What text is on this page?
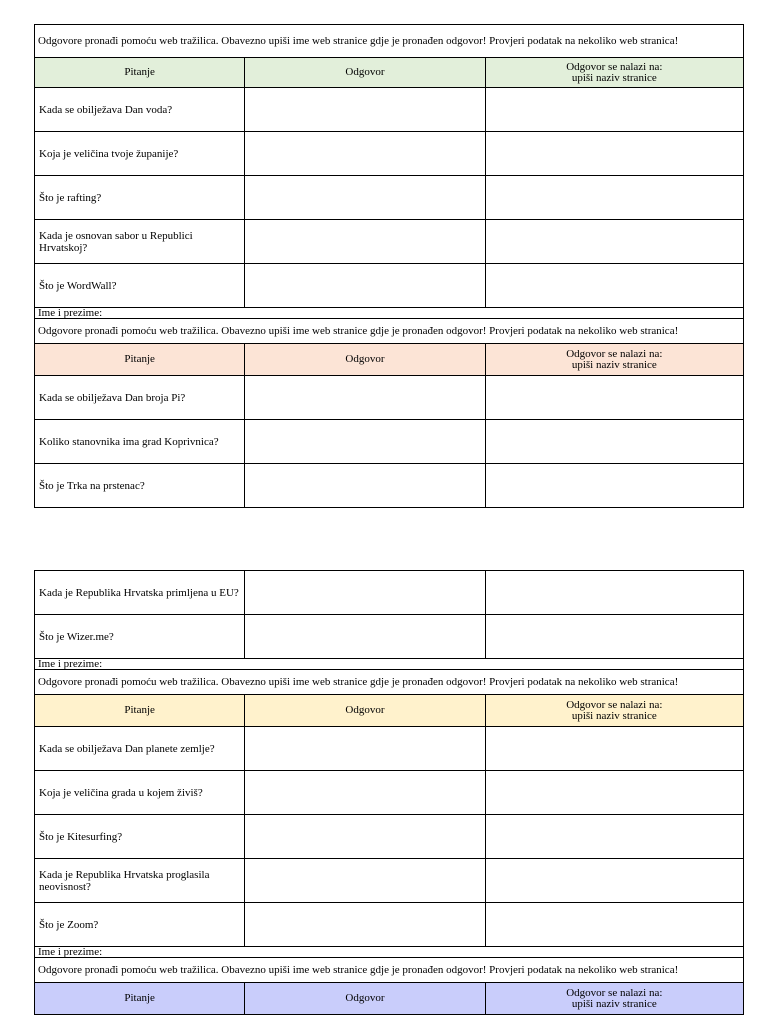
Odgovore pronađi pomoću web tražilica. Obavezno upiši ime web stranice gdje je pronađen odgovor! Provjeri podatak na nekoliko web stranica!		
Pitanje	Odgovor	Odgovor se nalazi na:
upiši naziv stranice

Kada se obilježava Dan voda?		
Koja je veličina tvoje županije?		
Što je rafting?		
Kada je osnovan sabor u Republici Hrvatskoj?		
Što je WordWall?		
Ime i prezime:		
Odgovore pronađi pomoću web tražilica. Obavezno upiši ime web stranice gdje je pronađen odgovor! Provjeri podatak na nekoliko web stranica!		
Pitanje	Odgovor	Odgovor se nalazi na:
upiši naziv stranice

Kada se obilježava Dan broja Pi?		
Koliko stanovnika ima grad Koprivnica?		
Što je Trka na prstenac?		
Kada je Republika Hrvatska primljena u EU?		
Što je Wizer.me?		
Ime i prezime:		
Odgovore pronađi pomoću web tražilica. Obavezno upiši ime web stranice gdje je pronađen odgovor! Provjeri podatak na nekoliko web stranica!		
Pitanje	Odgovor	Odgovor se nalazi na:
upiši naziv stranice

Kada se obilježava Dan planete zemlje?		
Koja je veličina grada u kojem živiš?		
Što je Kitesurfing?		
Kada je Republika Hrvatska proglasila neovisnost?		
Što je Zoom?		
Ime i prezime:		
Odgovore pronađi pomoću web tražilica. Obavezno upiši ime web stranice gdje je pronađen odgovor! Provjeri podatak na nekoliko web stranica!		
Pitanje	Odgovor	Odgovor se nalazi na:
upiši naziv stranice
